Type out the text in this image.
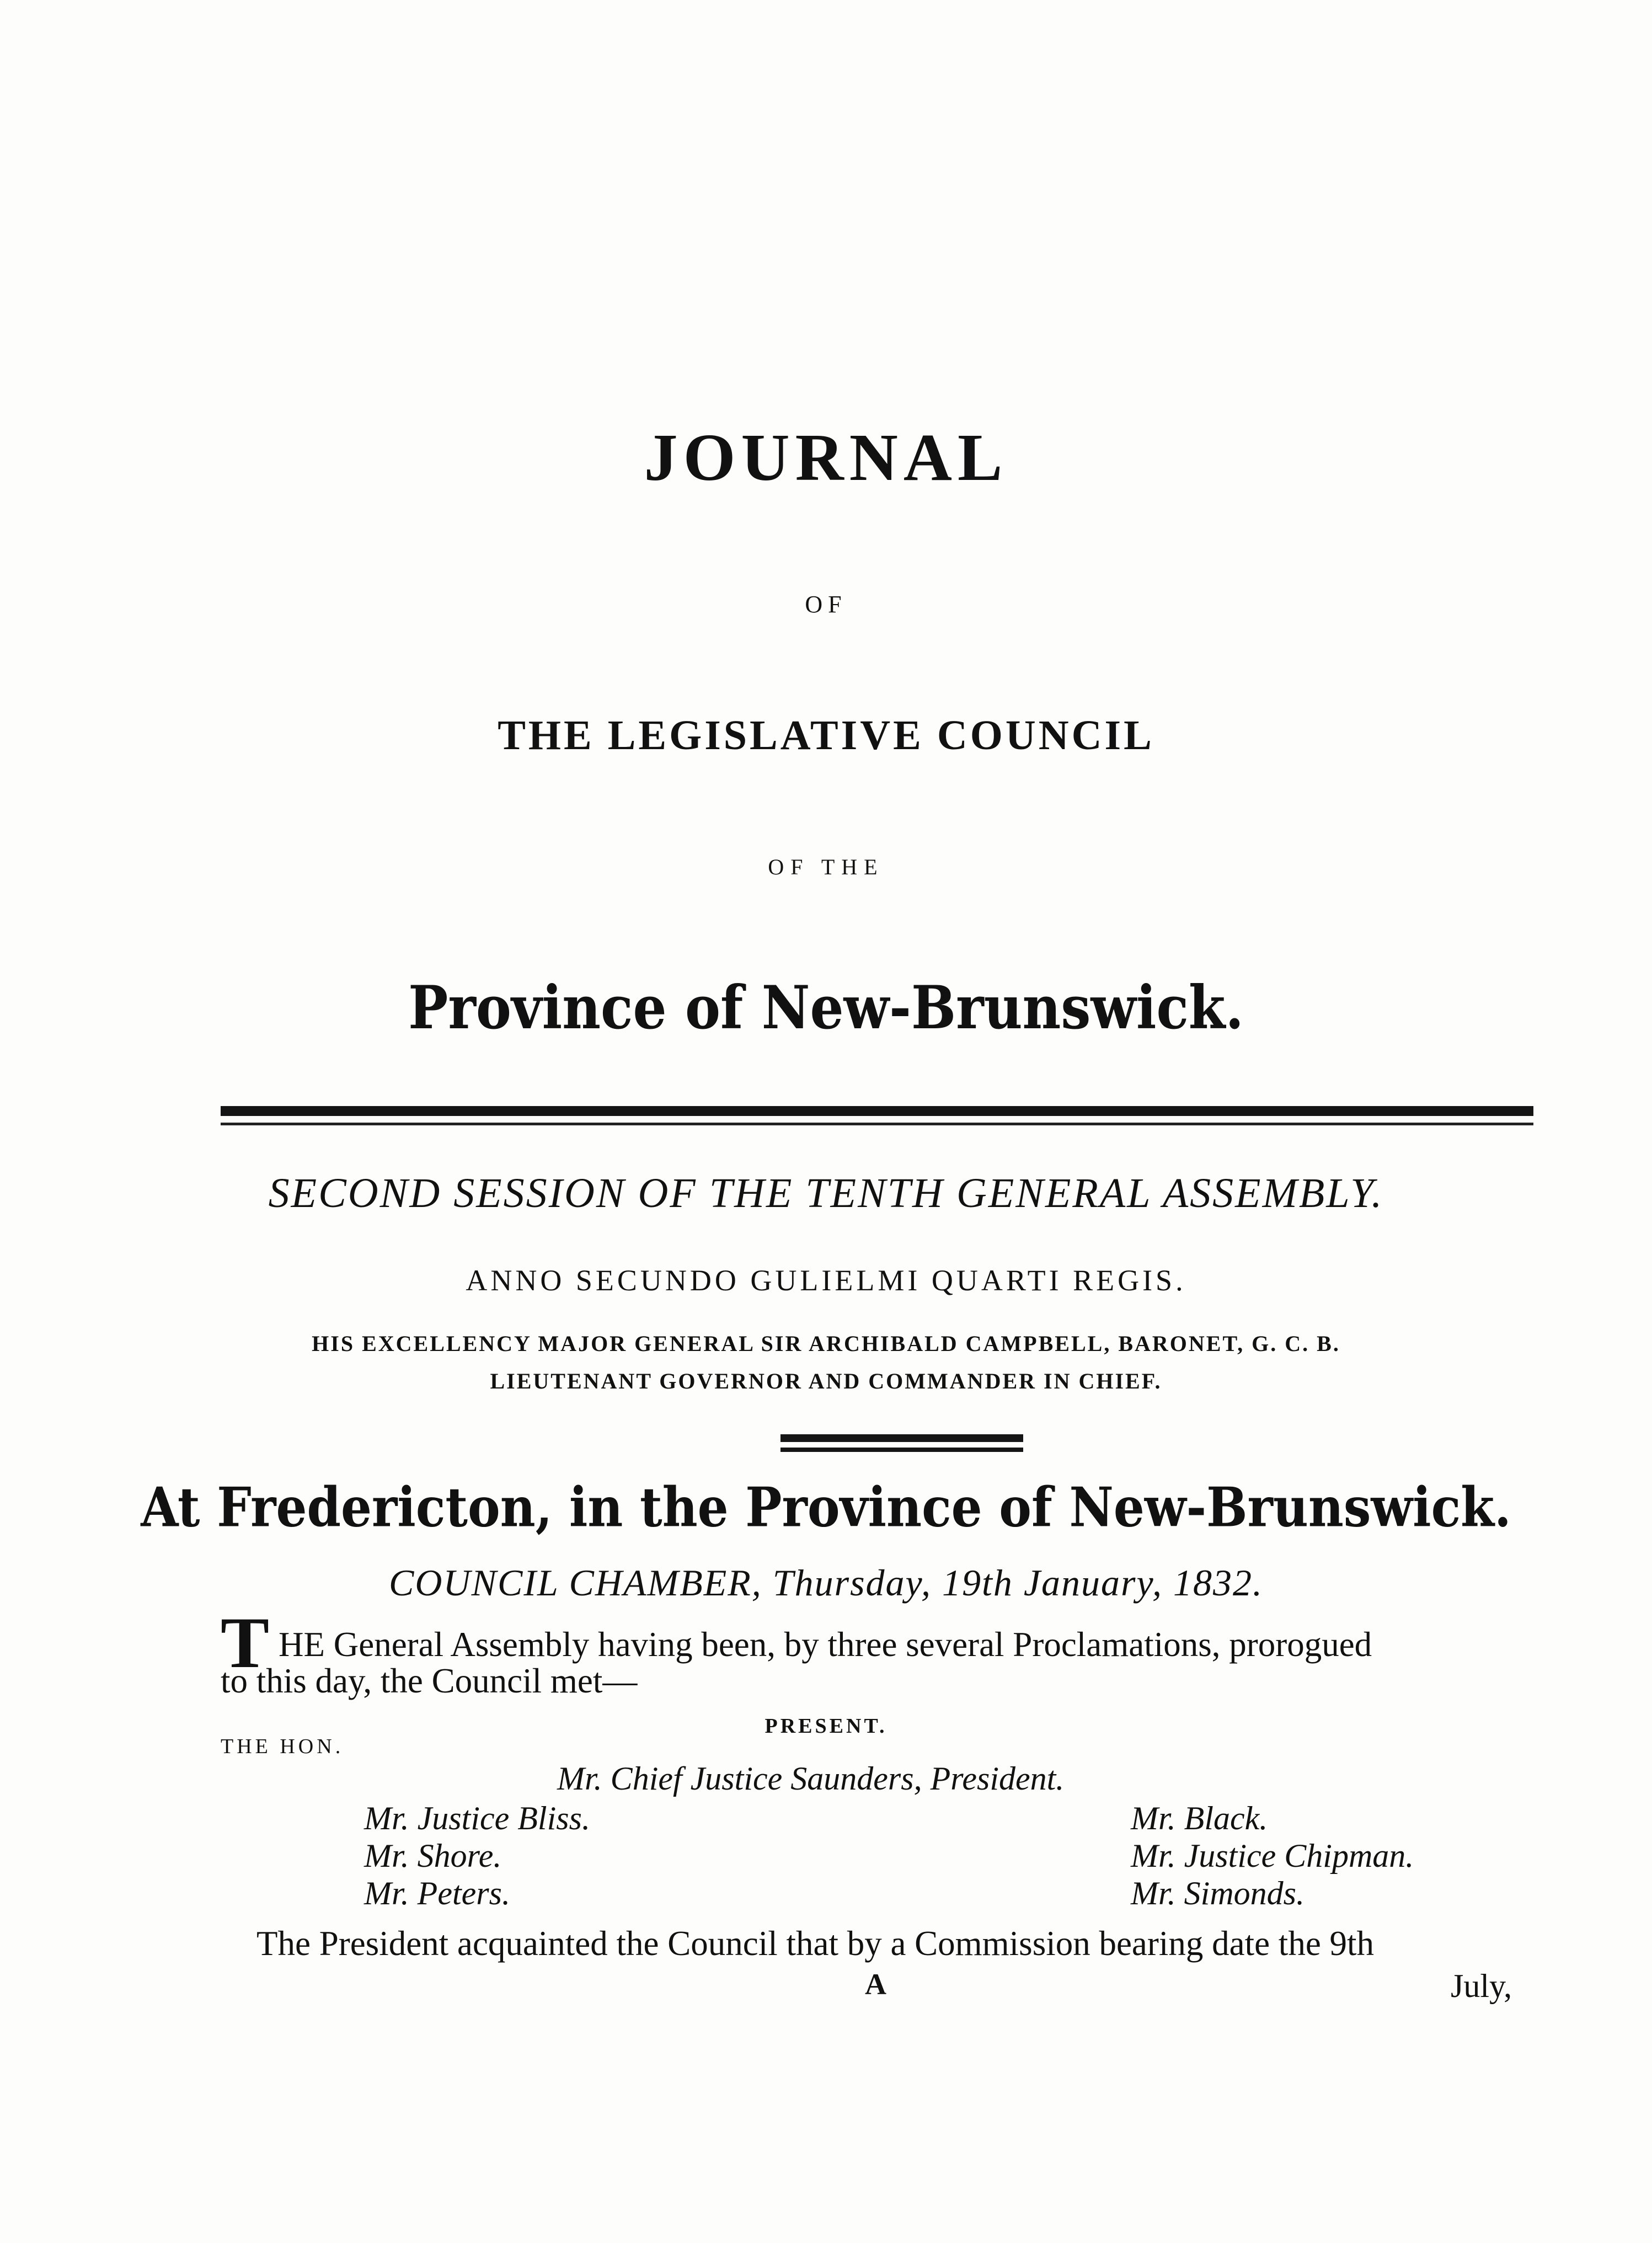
JOURNAL
OF
THE LEGISLATIVE COUNCIL
OF THE
Province of New-Brunswick.
SECOND SESSION OF THE TENTH GENERAL ASSEMBLY.
ANNO SECUNDO GULIELMI QUARTI REGIS.
HIS EXCELLENCY MAJOR GENERAL SIR ARCHIBALD CAMPBELL, BARONET, G. C. B.
LIEUTENANT GOVERNOR AND COMMANDER IN CHIEF.
At Fredericton, in the Province of New-Brunswick.
COUNCIL CHAMBER, Thursday, 19th January, 1832.
T HE General Assembly having been, by three several Proclamations, prorogued
to this day, the Council met—
PRESENT.
THE HON.
Mr. Chief Justice Saunders, President.
Mr. Justice Bliss.
Mr. Shore.
Mr. Peters.
Mr. Black.
Mr. Justice Chipman.
Mr. Simonds.
The President acquainted the Council that by a Commission bearing date the 9th
A	July,
